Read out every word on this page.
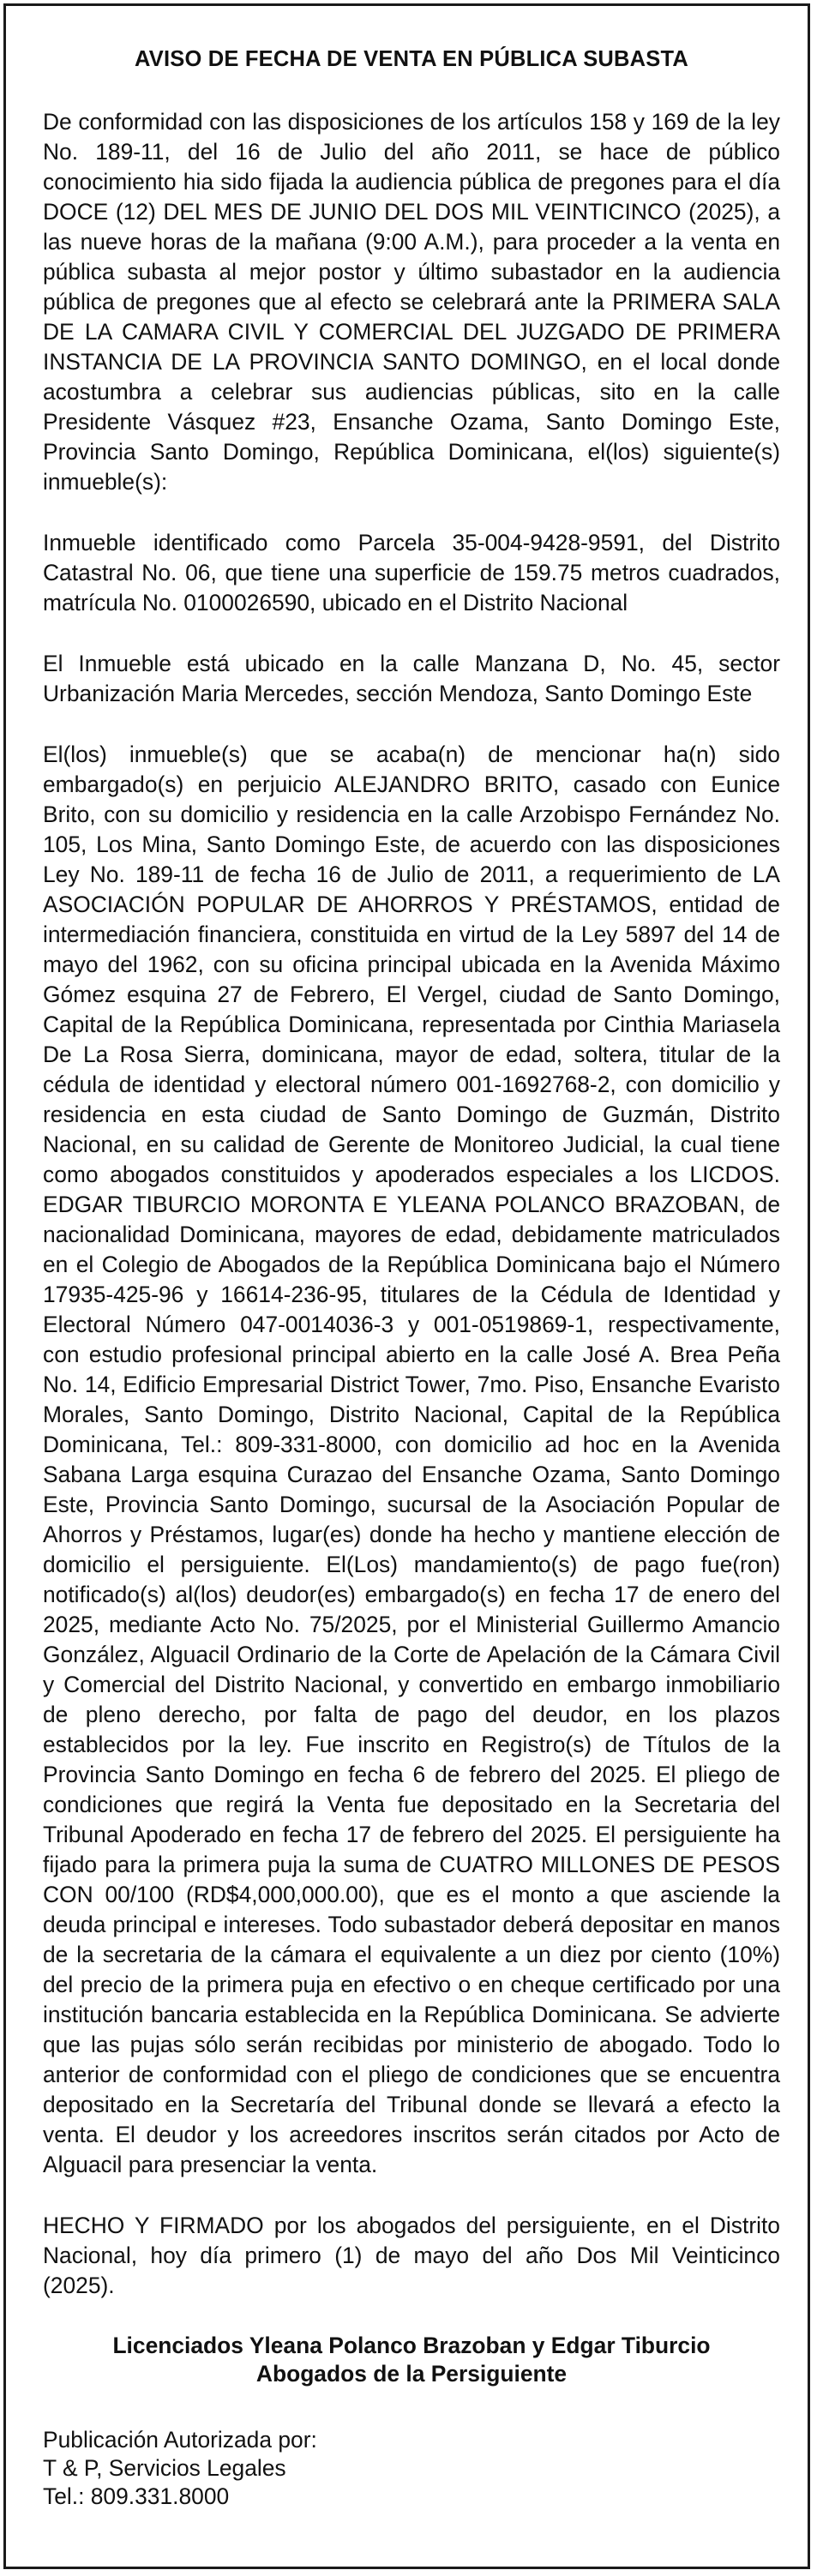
AVISO DE FECHA DE VENTA EN PÚBLICA SUBASTA

De conformidad con las disposiciones de los artículos 158 y 169 de la ley No. 189-11, del 16 de Julio del año 2011, se hace de público conocimiento hia sido fijada la audiencia pública de pregones para el día DOCE (12) DEL MES DE JUNIO DEL DOS MIL VEINTICINCO (2025), a las nueve horas de la mañana (9:00 A.M.), para proceder a la venta en pública subasta al mejor postor y último subastador en la audiencia pública de pregones que al efecto se celebrará ante la PRIMERA SALA DE LA CAMARA CIVIL Y COMERCIAL DEL JUZGADO DE PRIMERA INSTANCIA DE LA PROVINCIA SANTO DOMINGO, en el local donde acostumbra a celebrar sus audiencias públicas, sito en la calle Presidente Vásquez #23, Ensanche Ozama, Santo Domingo Este, Provincia Santo Domingo, República Dominicana, el(los) siguiente(s) inmueble(s):

Inmueble identificado como Parcela 35-004-9428-9591, del Distrito Catastral No. 06, que tiene una superficie de 159.75 metros cuadrados, matrícula No. 0100026590, ubicado en el Distrito Nacional

El Inmueble está ubicado en la calle Manzana D, No. 45, sector Urbanización Maria Mercedes, sección Mendoza, Santo Domingo Este

El(los) inmueble(s) que se acaba(n) de mencionar ha(n) sido embargado(s) en perjuicio ALEJANDRO BRITO, casado con Eunice Brito, con su domicilio y residencia en la calle Arzobispo Fernández No. 105, Los Mina, Santo Domingo Este, de acuerdo con las disposiciones Ley No. 189-11 de fecha 16 de Julio de 2011, a requerimiento de LA ASOCIACIÓN POPULAR DE AHORROS Y PRÉSTAMOS, entidad de intermediación financiera, constituida en virtud de la Ley 5897 del 14 de mayo del 1962, con su oficina principal ubicada en la Avenida Máximo Gómez esquina 27 de Febrero, El Vergel, ciudad de Santo Domingo, Capital de la República Dominicana, representada por Cinthia Mariasela De La Rosa Sierra, dominicana, mayor de edad, soltera, titular de la cédula de identidad y electoral número 001-1692768-2, con domicilio y residencia en esta ciudad de Santo Domingo de Guzmán, Distrito Nacional, en su calidad de Gerente de Monitoreo Judicial, la cual tiene como abogados constituidos y apoderados especiales a los LICDOS. EDGAR TIBURCIO MORONTA E YLEANA POLANCO BRAZOBAN, de nacionalidad Dominicana, mayores de edad, debidamente matriculados en el Colegio de Abogados de la República Dominicana bajo el Número 17935-425-96 y 16614-236-95, titulares de la Cédula de Identidad y Electoral Número 047-0014036-3 y 001-0519869-1, respectivamente, con estudio profesional principal abierto en la calle José A. Brea Peña No. 14, Edificio Empresarial District Tower, 7mo. Piso, Ensanche Evaristo Morales, Santo Domingo, Distrito Nacional, Capital de la República Dominicana, Tel.: 809-331-8000, con domicilio ad hoc en la Avenida Sabana Larga esquina Curazao del Ensanche Ozama, Santo Domingo Este, Provincia Santo Domingo, sucursal de la Asociación Popular de Ahorros y Préstamos, lugar(es) donde ha hecho y mantiene elección de domicilio el persiguiente. El(Los) mandamiento(s) de pago fue(ron) notificado(s) al(los) deudor(es) embargado(s) en fecha 17 de enero del 2025, mediante Acto No. 75/2025, por el Ministerial Guillermo Amancio González, Alguacil Ordinario de la Corte de Apelación de la Cámara Civil y Comercial del Distrito Nacional, y convertido en embargo inmobiliario de pleno derecho, por falta de pago del deudor, en los plazos establecidos por la ley. Fue inscrito en Registro(s) de Títulos de la Provincia Santo Domingo en fecha 6 de febrero del 2025. El pliego de condiciones que regirá la Venta fue depositado en la Secretaria del Tribunal Apoderado en fecha 17 de febrero del 2025. El persiguiente ha fijado para la primera puja la suma de CUATRO MILLONES DE PESOS CON 00/100 (RD$4,000,000.00), que es el monto a que asciende la deuda principal e intereses. Todo subastador deberá depositar en manos de la secretaria de la cámara el equivalente a un diez por ciento (10%) del precio de la primera puja en efectivo o en cheque certificado por una institución bancaria establecida en la República Dominicana. Se advierte que las pujas sólo serán recibidas por ministerio de abogado. Todo lo anterior de conformidad con el pliego de condiciones que se encuentra depositado en la Secretaría del Tribunal donde se llevará a efecto la venta. El deudor y los acreedores inscritos serán citados por Acto de Alguacil para presenciar la venta.

HECHO Y FIRMADO por los abogados del persiguiente, en el Distrito Nacional, hoy día primero (1) de mayo del año Dos Mil Veinticinco (2025).

Licenciados Yleana Polanco Brazoban y Edgar Tiburcio
Abogados de la Persiguiente
Publicación Autorizada por:
T & P, Servicios Legales
Tel.: 809.331.8000
